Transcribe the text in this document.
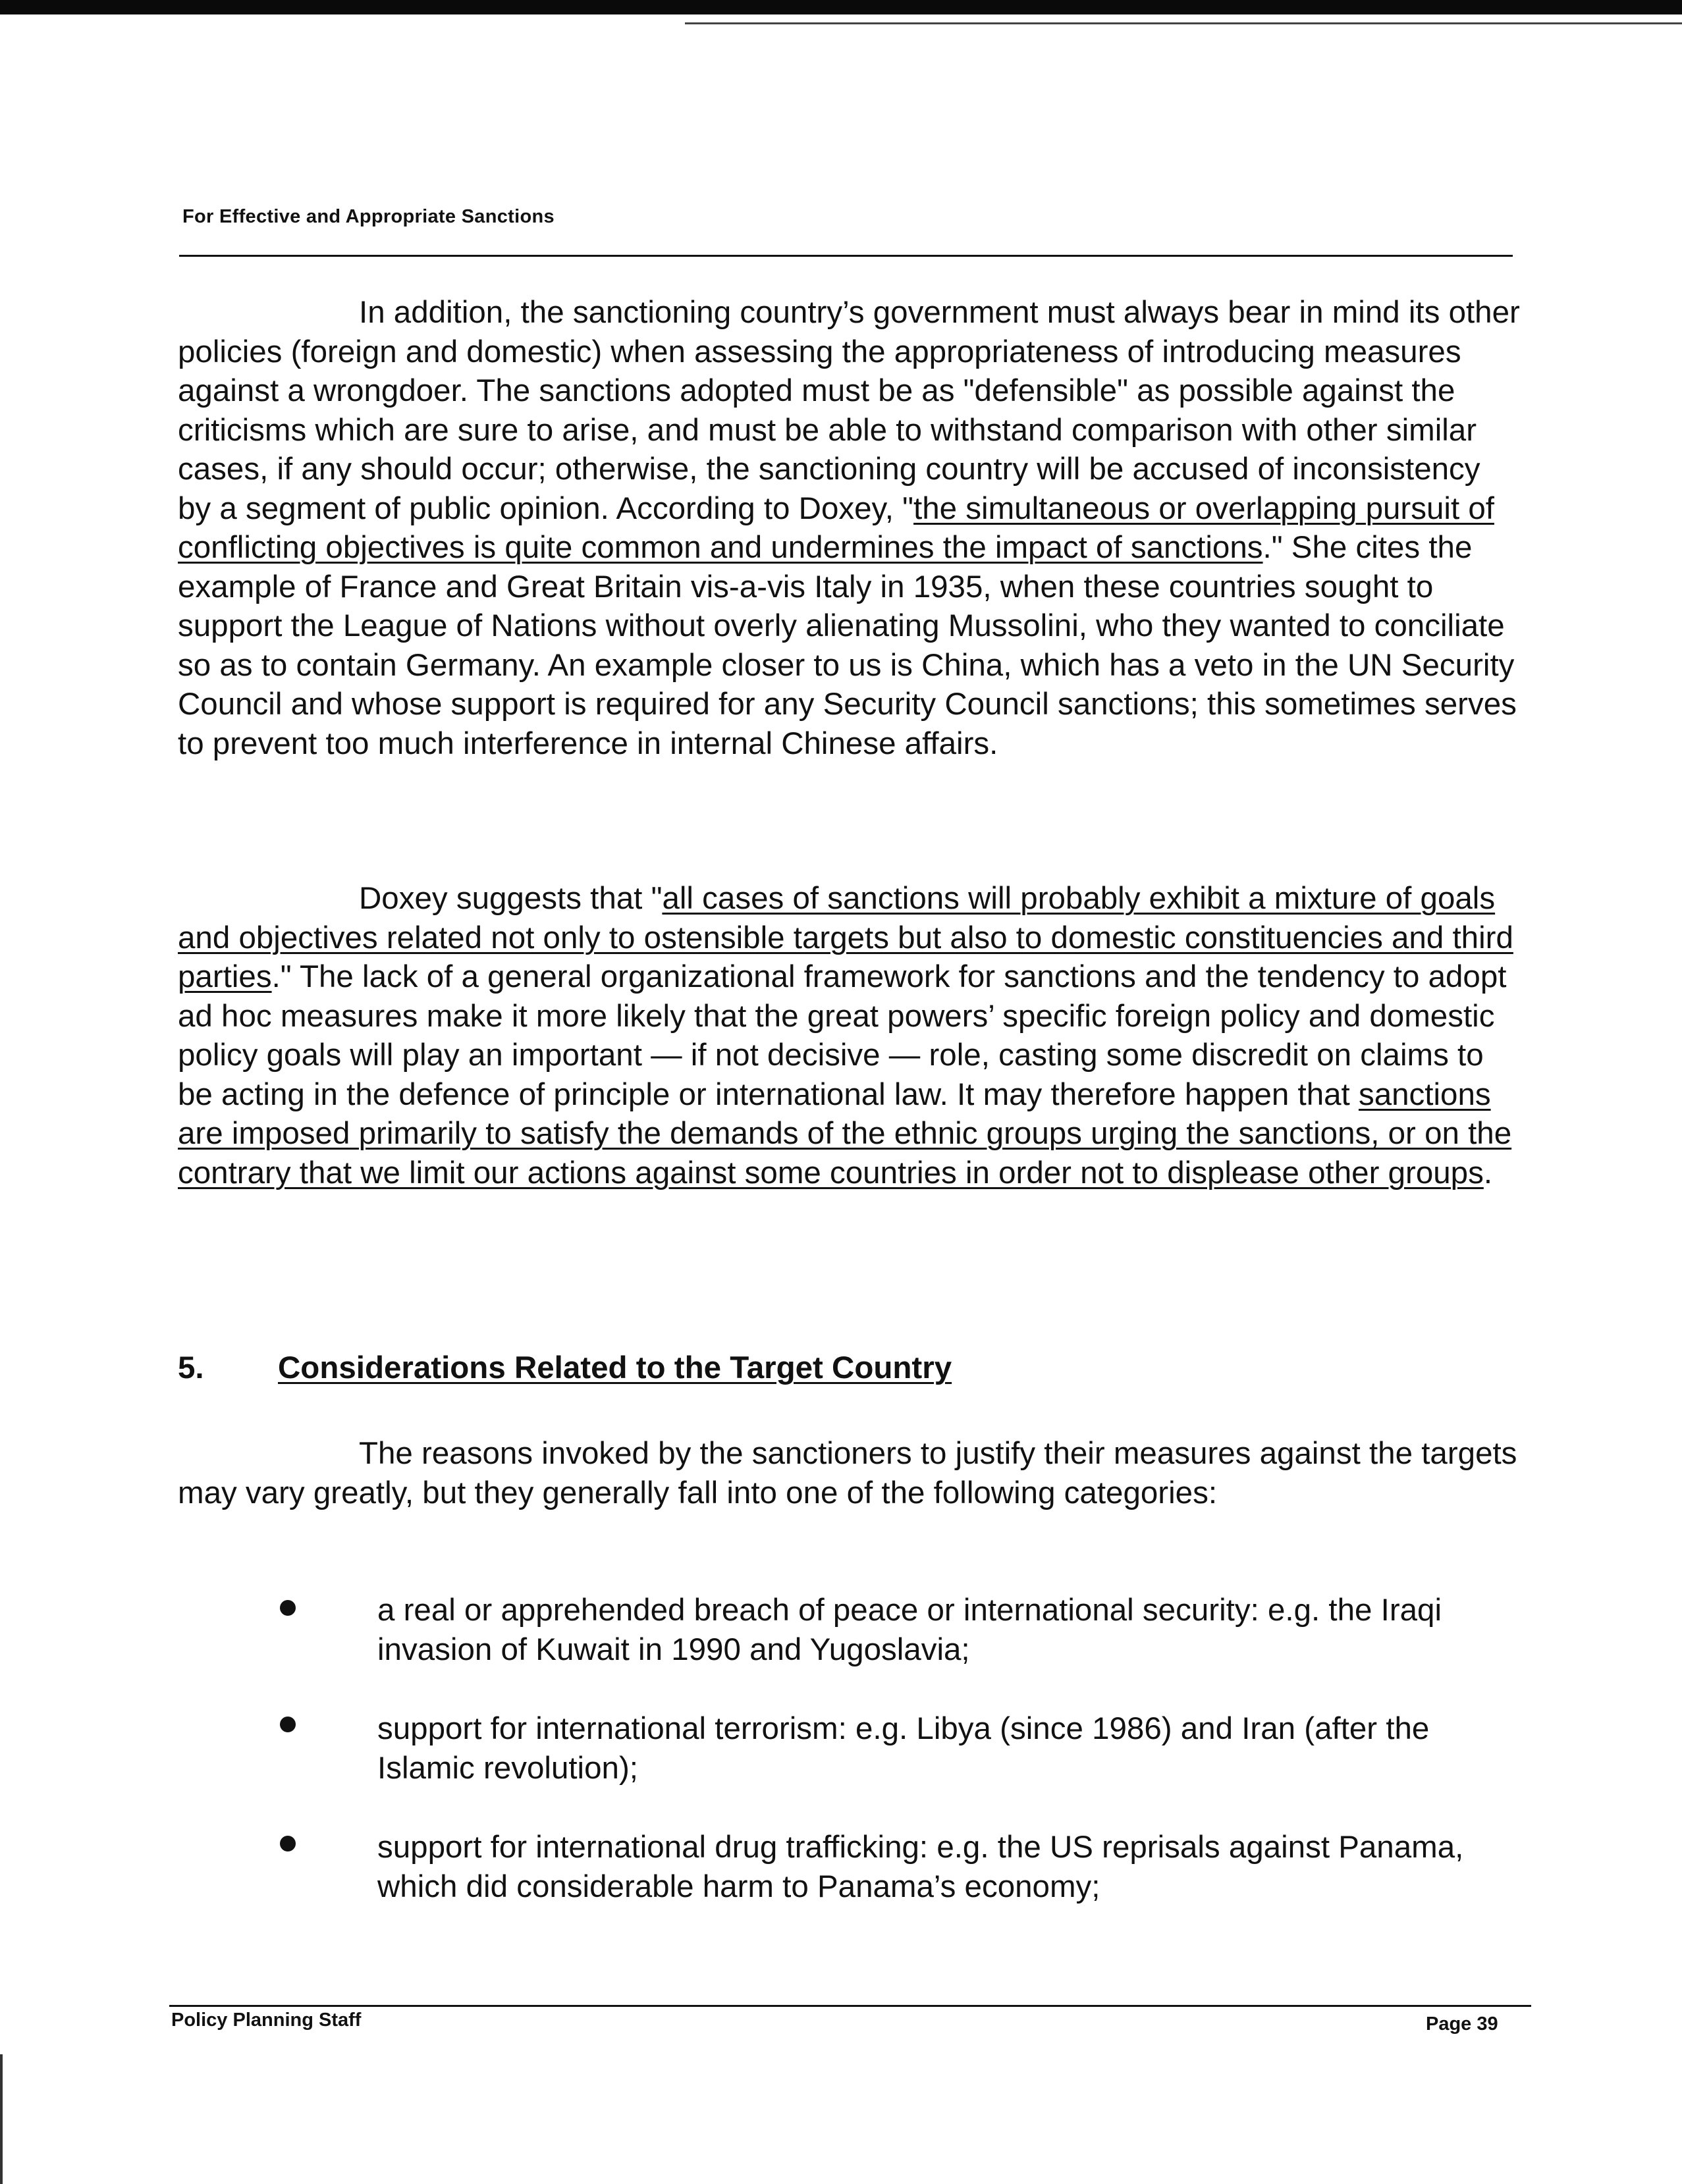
For Effective and Appropriate Sanctions

In addition, the sanctioning country’s government must always bear in mind its other policies (foreign and domestic) when assessing the appropriateness of introducing measures against a wrongdoer. The sanctions adopted must be as "defensible" as possible against the criticisms which are sure to arise, and must be able to withstand comparison with other similar cases, if any should occur; otherwise, the sanctioning country will be accused of inconsistency by a segment of public opinion. According to Doxey, "the simultaneous or overlapping pursuit of conflicting objectives is quite common and undermines the impact of sanctions." She cites the example of France and Great Britain vis-a-vis Italy in 1935, when these countries sought to support the League of Nations without overly alienating Mussolini, who they wanted to conciliate so as to contain Germany. An example closer to us is China, which has a veto in the UN Security Council and whose support is required for any Security Council sanctions; this sometimes serves to prevent too much interference in internal Chinese affairs.

Doxey suggests that "all cases of sanctions will probably exhibit a mixture of goals and objectives related not only to ostensible targets but also to domestic constituencies and third parties." The lack of a general organizational framework for sanctions and the tendency to adopt ad hoc measures make it more likely that the great powers’ specific foreign policy and domestic policy goals will play an important — if not decisive — role, casting some discredit on claims to be acting in the defence of principle or international law. It may therefore happen that sanctions are imposed primarily to satisfy the demands of the ethnic groups urging the sanctions, or on the contrary that we limit our actions against some countries in order not to displease other groups.

5. Considerations Related to the Target Country

The reasons invoked by the sanctioners to justify their measures against the targets may vary greatly, but they generally fall into one of the following categories:

a real or apprehended breach of peace or international security: e.g. the Iraqi invasion of Kuwait in 1990 and Yugoslavia;

support for international terrorism: e.g. Libya (since 1986) and Iran (after the Islamic revolution);

support for international drug trafficking: e.g. the US reprisals against Panama, which did considerable harm to Panama’s economy;

Policy Planning Staff	Page 39
